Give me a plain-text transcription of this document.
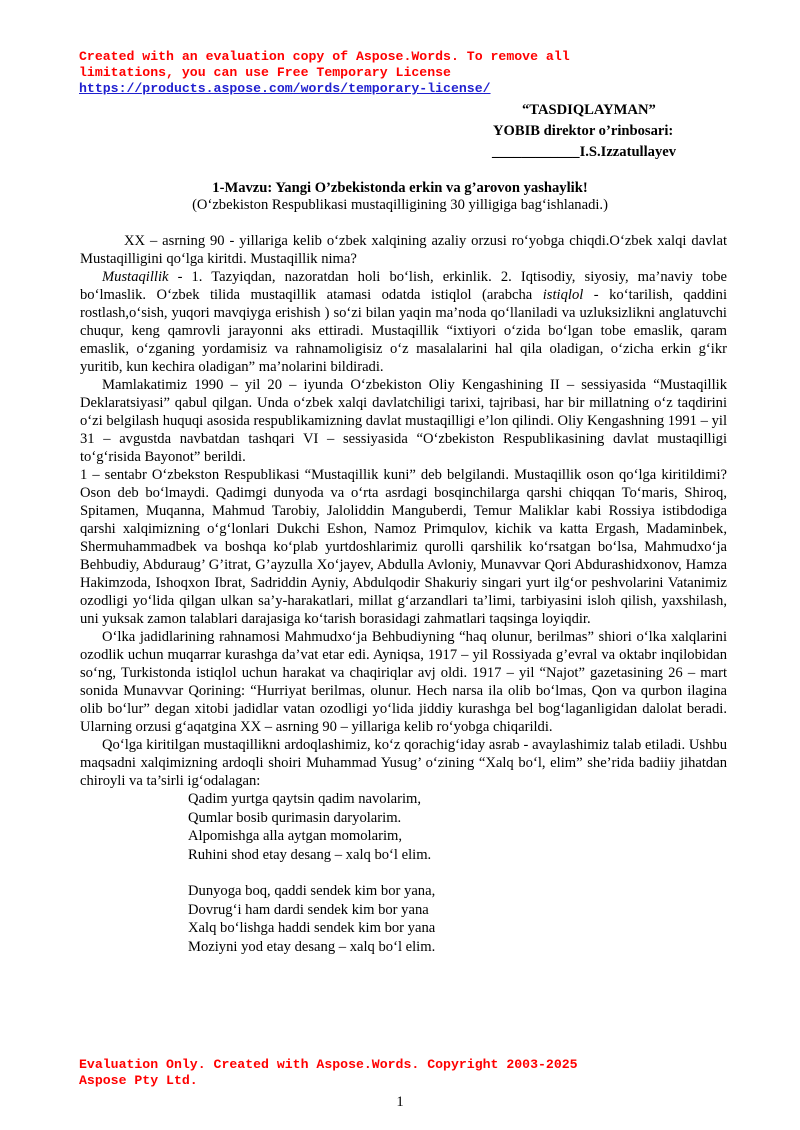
Created with an evaluation copy of Aspose.Words. To remove all
limitations, you can use Free Temporary License
https://products.aspose.com/words/temporary-license/
“TASDIQLAYMAN”
YOBIB direktor o’rinbosari:
____________I.S.Izzatullayev
1-Mavzu: Yangi O’zbekistonda erkin va g’arovon yashaylik!
(O‘zbekiston Respublikasi mustaqilligining 30 yilligiga bag‘ishlanadi.)

XX – asrning 90 - yillariga kelib o‘zbek xalqining azaliy orzusi ro‘yobga chiqdi.O‘zbek xalqi davlat Mustaqilligini qo‘lga kiritdi. Mustaqillik nima?

Mustaqillik - 1. Tazyiqdan, nazoratdan holi bo‘lish, erkinlik. 2. Iqtisodiy, siyosiy, ma’naviy tobe bo‘lmaslik. O‘zbek tilida mustaqillik atamasi odatda istiqlol (arabcha istiqlol - ko‘tarilish, qaddini rostlash,o‘sish, yuqori mavqiyga erishish ) so‘zi bilan yaqin ma’noda qo‘llaniladi va uzluksizlikni anglatuvchi chuqur, keng qamrovli jarayonni aks ettiradi. Mustaqillik “ixtiyori o‘zida bo‘lgan tobe emaslik, qaram emaslik, o‘zganing yordamisiz va rahnamoligisiz o‘z masalalarini hal qila oladigan, o‘zicha erkin g‘ikr yuritib, kun kechira oladigan” ma’nolarini bildiradi.

Mamlakatimiz 1990 – yil 20 – iyunda O‘zbekiston Oliy Kengashining II – sessiyasida “Mustaqillik Deklaratsiyasi” qabul qilgan. Unda o‘zbek xalqi davlatchiligi tarixi, tajribasi, har bir millatning o‘z taqdirini o‘zi belgilash huquqi asosida respublikamizning davlat mustaqilligi e’lon qilindi. Oliy Kengashning 1991 – yil 31 – avgustda navbatdan tashqari VI – sessiyasida “O‘zbekiston Respublikasining davlat mustaqilligi to‘g‘risida Bayonot” berildi.

1 – sentabr O‘zbekston Respublikasi “Mustaqillik kuni” deb belgilandi. Mustaqillik oson qo‘lga kiritildimi? Oson deb bo‘lmaydi. Qadimgi dunyoda va o‘rta asrdagi bosqinchilarga qarshi chiqqan To‘maris, Shiroq, Spitamen, Muqanna, Mahmud Tarobiy, Jaloliddin Manguberdi, Temur Maliklar kabi Rossiya istibdodiga qarshi xalqimizning o‘g‘lonlari Dukchi Eshon, Namoz Primqulov, kichik va katta Ergash, Madaminbek, Shermuhammadbek va boshqa ko‘plab yurtdoshlarimiz qurolli qarshilik ko‘rsatgan bo‘lsa, Mahmudxo‘ja Behbudiy, Abduraug’ G’itrat, G’ayzulla Xo‘jayev, Abdulla Avloniy, Munavvar Qori Abdurashidxonov, Hamza Hakimzoda, Ishoqxon Ibrat, Sadriddin Ayniy, Abdulqodir Shakuriy singari yurt ilg‘or peshvolarini Vatanimiz ozodligi yo‘lida qilgan ulkan sa’y-harakatlari, millat g‘arzandlari ta’limi, tarbiyasini isloh qilish, yaxshilash, uni yuksak zamon talablari darajasiga ko‘tarish borasidagi zahmatlari taqsinga loyiqdir.

O‘lka jadidlarining rahnamosi Mahmudxo‘ja Behbudiyning “haq olunur, berilmas” shiori o‘lka xalqlarini ozodlik uchun muqarrar kurashga da’vat etar edi. Ayniqsa, 1917 – yil Rossiyada g’evral va oktabr inqilobidan so‘ng, Turkistonda istiqlol uchun harakat va chaqiriqlar avj oldi. 1917 – yil “Najot” gazetasining 26 – mart sonida Munavvar Qorining: “Hurriyat berilmas, olunur. Hech narsa ila olib bo‘lmas, Qon va qurbon ilagina olib bo‘lur” degan xitobi jadidlar vatan ozodligi yo‘lida jiddiy kurashga bel bog‘laganligidan dalolat beradi. Ularning orzusi g‘aqatgina XX – asrning 90 – yillariga kelib ro‘yobga chiqarildi.

Qo‘lga kiritilgan mustaqillikni ardoqlashimiz, ko‘z qorachig‘iday asrab - avaylashimiz talab etiladi. Ushbu maqsadni xalqimizning ardoqli shoiri Muhammad Yusug’ o‘zining “Xalq bo‘l, elim” she’rida badiiy jihatdan chiroyli va ta’sirli ig‘odalagan:

Qadim yurtga qaytsin qadim navolarim,
Qumlar bosib qurimasin daryolarim.
Alpomishga alla aytgan momolarim,
Ruhini shod etay desang – xalq bo‘l elim.
Dunyoga boq, qaddi sendek kim bor yana,
Dovrug‘i ham dardi sendek kim bor yana
Xalq bo‘lishga haddi sendek kim bor yana
Moziyni yod etay desang – xalq bo‘l elim.
Evaluation Only. Created with Aspose.Words. Copyright 2003-2025
Aspose Pty Ltd.
1
